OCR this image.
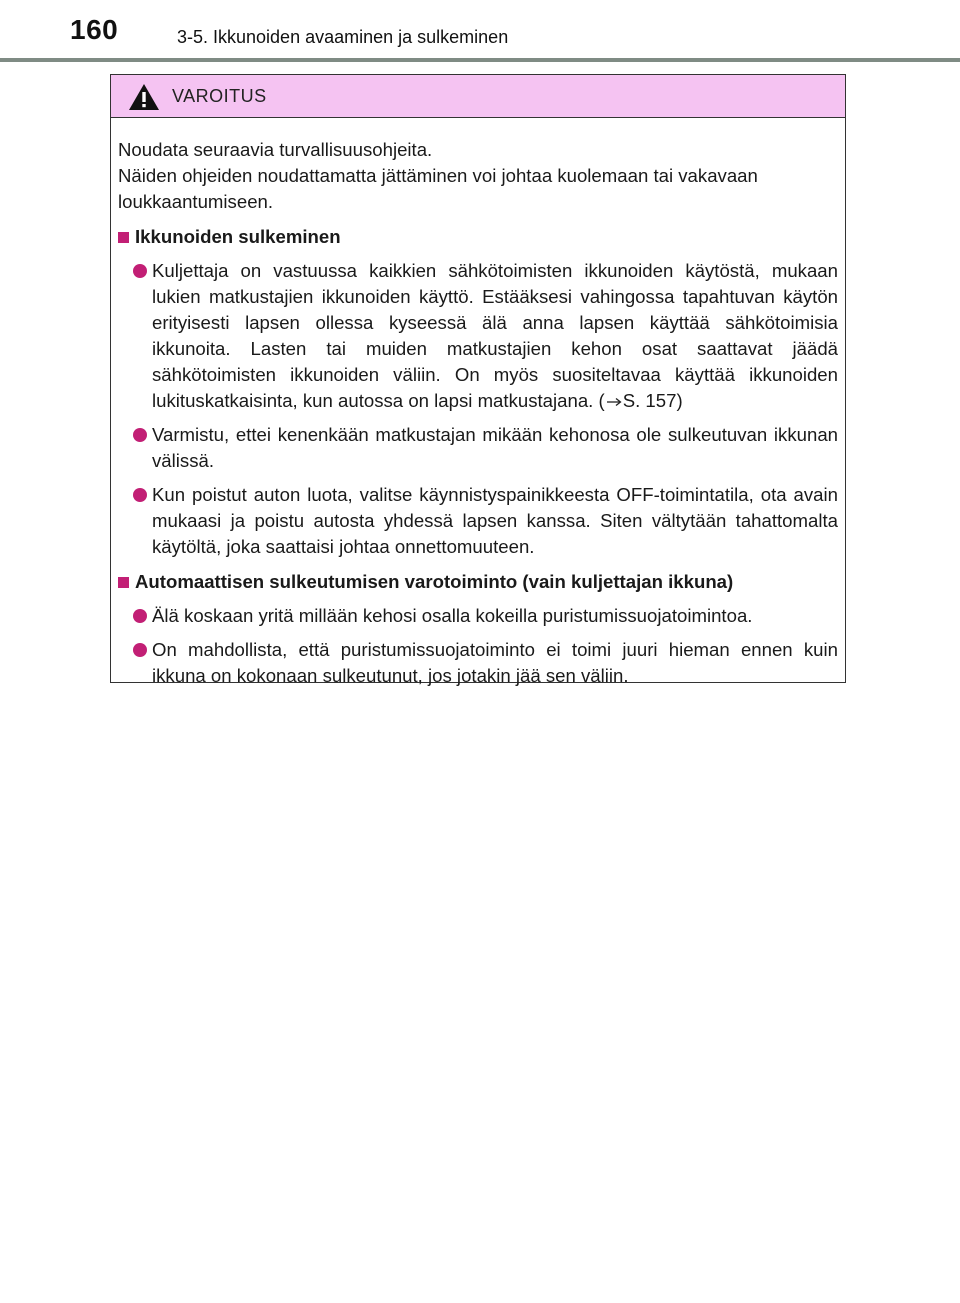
160	3-5. Ikkunoiden avaaminen ja sulkeminen
VAROITUS

Noudata seuraavia turvallisuusohjeita.

Näiden ohjeiden noudattamatta jättäminen voi johtaa kuolemaan tai vakavaan loukkaantumiseen.

Ikkunoiden sulkeminen
Kuljettaja on vastuussa kaikkien sähkötoimisten ikkunoiden käytöstä, mukaan lukien matkustajien ikkunoiden käyttö. Estääksesi vahingossa tapahtuvan käytön erityisesti lapsen ollessa kyseessä älä anna lapsen käyttää sähkötoimisia ikkunoita. Lasten tai muiden matkustajien kehon osat saattavat jäädä sähkötoimisten ikkunoiden väliin. On myös suositeltavaa käyttää ikkunoiden lukituskatkaisinta, kun autossa on lapsi matkustajana. ( S. 157)
Varmistu, ettei kenenkään matkustajan mikään kehonosa ole sulkeutuvan ikkunan välissä.
Kun poistut auton luota, valitse käynnistyspainikkeesta OFF-toimintatila, ota avain mukaasi ja poistu autosta yhdessä lapsen kanssa. Siten vältytään tahattomalta käytöltä, joka saattaisi johtaa onnettomuuteen.
Automaattisen sulkeutumisen varotoiminto (vain kuljettajan ikkuna)
Älä koskaan yritä millään kehosi osalla kokeilla puristumissuojatoimintoa.
On mahdollista, että puristumissuojatoiminto ei toimi juuri hieman ennen kuin ikkuna on kokonaan sulkeutunut, jos jotakin jää sen väliin.
